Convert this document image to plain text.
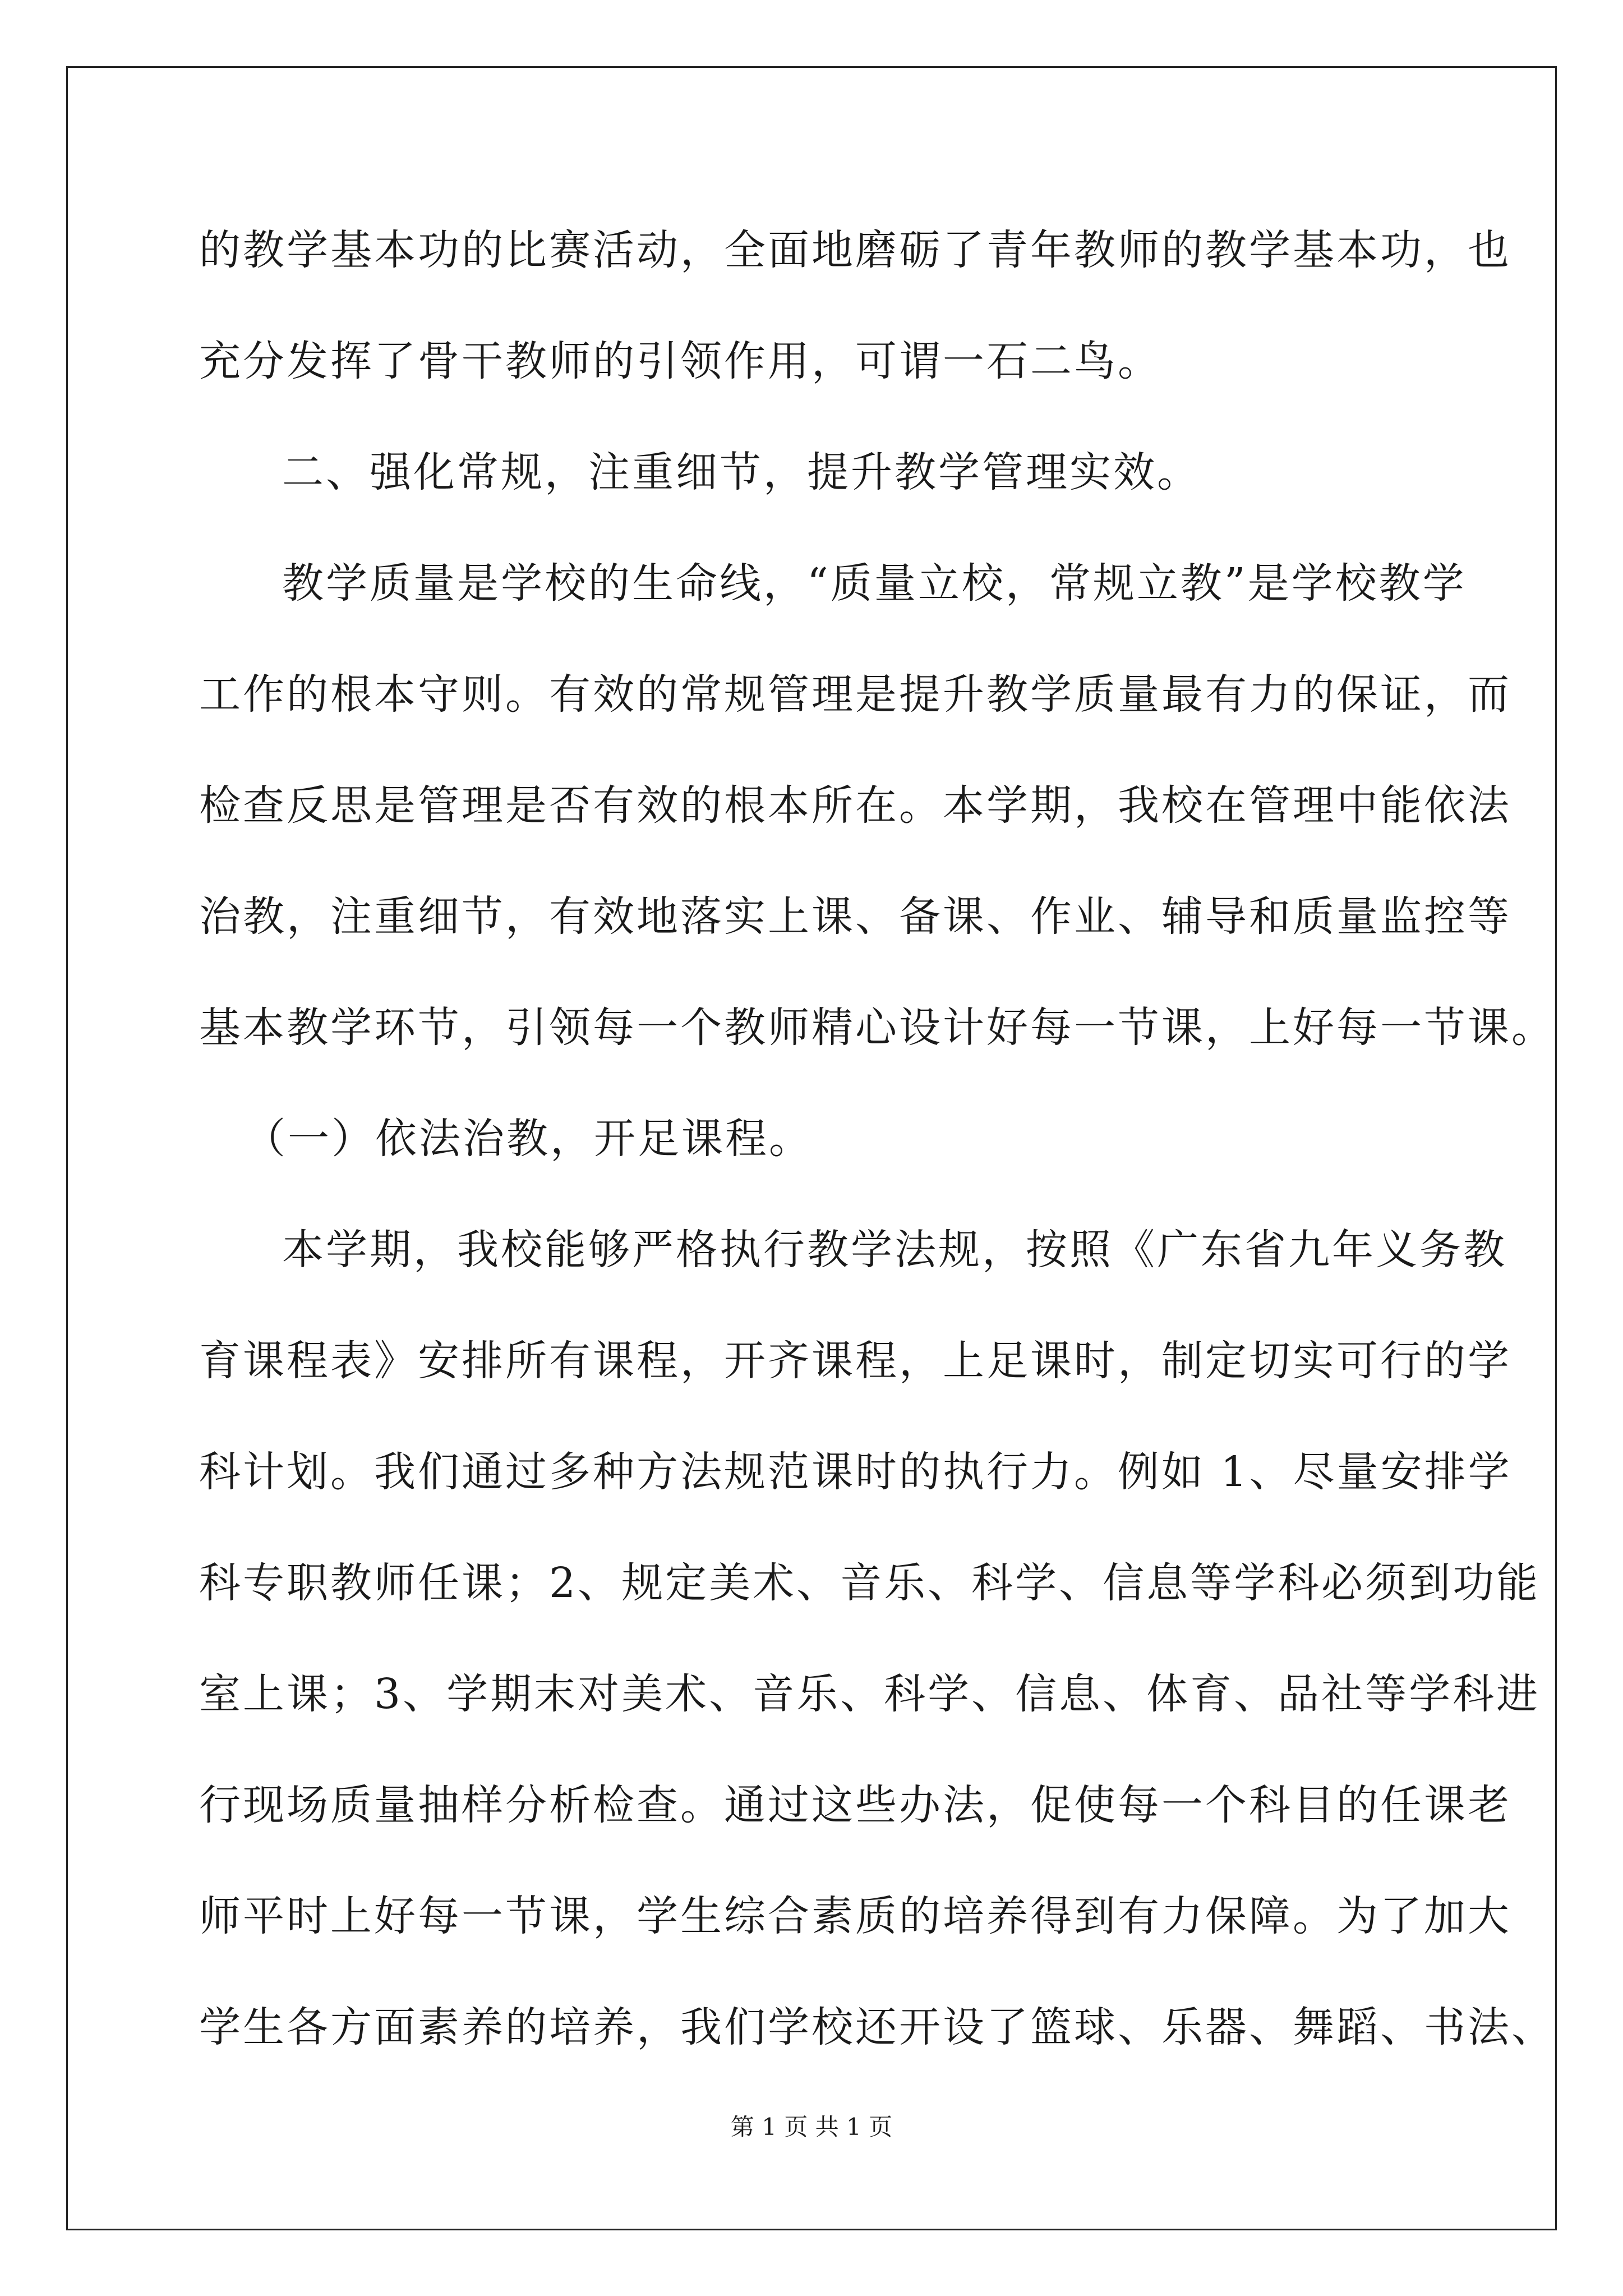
的教学基本功的比赛活动，全面地磨砺了青年教师的教学基本功，也
充分发挥了骨干教师的引领作用，可谓一石二鸟。
二、强化常规，注重细节，提升教学管理实效。
教学质量是学校的生命线，“质量立校，常规立教”是学校教学
工作的根本守则。有效的常规管理是提升教学质量最有力的保证，而
检查反思是管理是否有效的根本所在。本学期，我校在管理中能依法
治教，注重细节，有效地落实上课、备课、作业、辅导和质量监控等
基本教学环节，引领每一个教师精心设计好每一节课，上好每一节课。
（一）依法治教，开足课程。
本学期，我校能够严格执行教学法规，按照《广东省九年义务教
育课程表》安排所有课程，开齐课程，上足课时，制定切实可行的学
科计划。我们通过多种方法规范课时的执行力。例如 1、尽量安排学
科专职教师任课；2、规定美术、音乐、科学、信息等学科必须到功能
室上课；3、学期末对美术、音乐、科学、信息、体育、品社等学科进
行现场质量抽样分析检查。通过这些办法，促使每一个科目的任课老
师平时上好每一节课，学生综合素质的培养得到有力保障。为了加大
学生各方面素养的培养，我们学校还开设了篮球、乐器、舞蹈、书法、
第 1 页 共 1 页
